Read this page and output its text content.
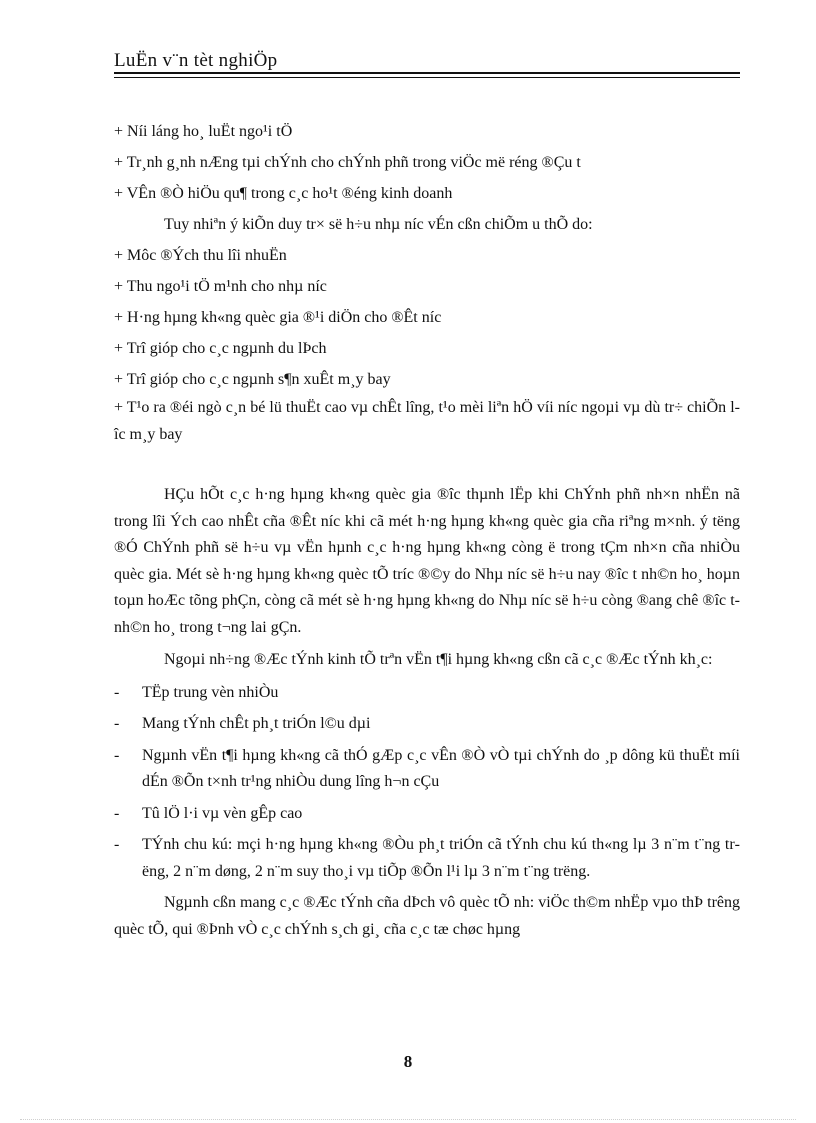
LuËn v¨n tèt nghiÖp
+ Níi láng ho¸ luËt ngo¹i tÖ
+ Tr¸nh g¸nh nÆng tµi chÝnh cho chÝnh phñ trong viÖc më réng ®Çu t
+ VÊn ®Ò hiÖu qu¶ trong c¸c ho¹t ®éng kinh doanh
Tuy nhiªn ý kiÕn duy tr× së h÷u nhµ níc vÉn cßn chiÕm u thÕ do:
+ Môc ®Ých thu lîi nhuËn
+ Thu ngo¹i tÖ m¹nh cho nhµ níc
+ H·ng hµng kh«ng quèc gia ®¹i diÖn cho ®Êt níc
+ Trî gióp cho c¸c ngµnh du lÞch
+ Trî gióp cho c¸c ngµnh s¶n xuÊt m¸y bay

+ T¹o ra ®éi ngò c¸n bé lü thuËt cao vµ chÊt lîng, t¹o mèi liªn hÖ víi níc ngoµi vµ dù tr÷ chiÕn lîc m¸y bay

HÇu hÕt c¸c h·ng hµng kh«ng quèc gia ®îc thµnh lËp khi ChÝnh phñ nh×n nhËn nã trong lîi Ých cao nhÊt cña ®Êt níc khi cã mét h·ng hµng kh«ng quèc gia cña riªng m×nh. ý tëng ®Ó ChÝnh phñ së h÷u vµ vËn hµnh c¸c h·ng hµng kh«ng còng ë trong tÇm nh×n cña nhiÒu quèc gia. Mét sè h·ng hµng kh«ng quèc tÕ tríc ®©y do Nhµ níc së h÷u nay ®îc t nh©n ho¸ hoµn toµn hoÆc tõng phÇn, còng cã mét sè h·ng hµng kh«ng do Nhµ níc së h÷u còng ®ang chê ®îc t nh©n ho¸ trong t¬ng lai gÇn.

Ngoµi nh÷ng ®Æc tÝnh kinh tÕ trªn vËn t¶i hµng kh«ng cßn cã c¸c ®Æc tÝnh kh¸c:

- TËp trung vèn nhiÒu
- Mang tÝnh chÊt ph¸t triÓn l©u dµi
- Ngµnh vËn t¶i hµng kh«ng cã thÓ gÆp c¸c vÊn ®Ò vÒ tµi chÝnh do ¸p dông kü thuËt míi dÉn ®Õn t×nh tr¹ng nhiÒu dung lîng h¬n cÇu
- Tû lÖ l·i vµ vèn gÊp cao
- TÝnh chu kú: mçi h·ng hµng kh«ng ®Òu ph¸t triÓn cã tÝnh chu kú th«ng lµ 3 n¨m t¨ng trëng, 2 n¨m døng, 2 n¨m suy tho¸i vµ tiÕp ®Õn l¹i lµ 3 n¨m t¨ng trëng.

Ngµnh cßn mang c¸c ®Æc tÝnh cña dÞch vô quèc tÕ nh: viÖc th©m nhËp vµo thÞ trêng quèc tÕ, qui ®Þnh vÒ c¸c chÝnh s¸ch gi¸ cña c¸c tæ chøc hµng

8
